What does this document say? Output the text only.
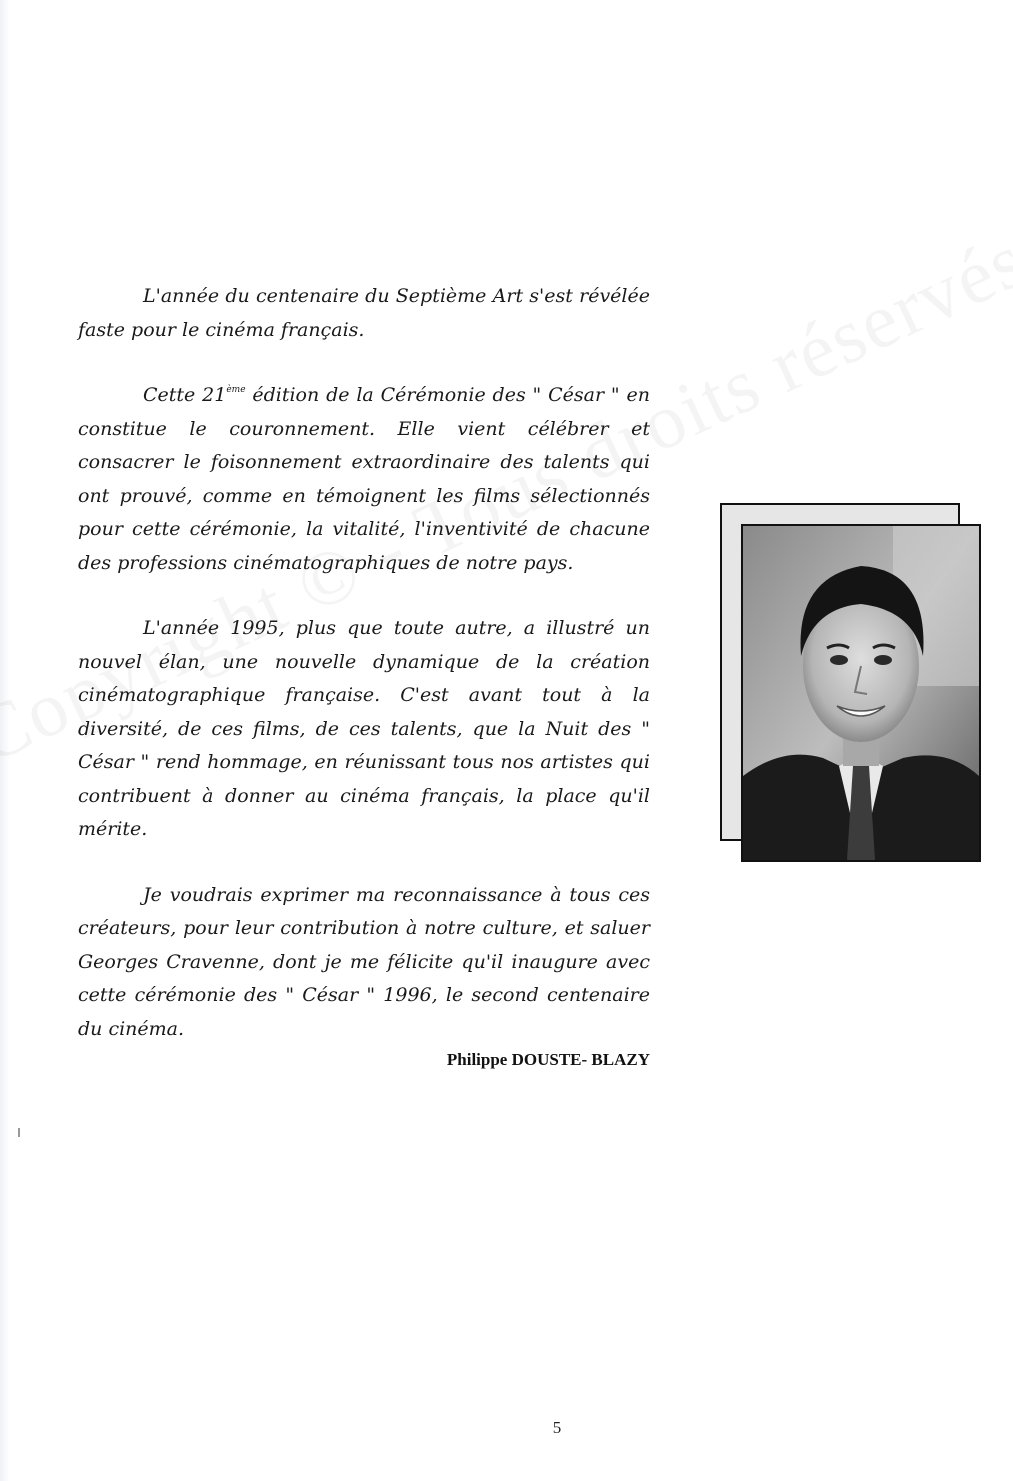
L'année du centenaire du Septième Art s'est révélée faste pour le cinéma français.

Cette 21ème édition de la Cérémonie des " César " en constitue le couronnement. Elle vient célébrer et consacrer le foisonnement extraordinaire des talents qui ont prouvé, comme en témoignent les films sélectionnés pour cette cérémonie, la vitalité, l'inventivité de chacune des professions cinématographiques de notre pays.

L'année 1995, plus que toute autre, a illustré un nouvel élan, une nouvelle dynamique de la création cinématographique française. C'est avant tout à la diversité, de ces films, de ces talents, que la Nuit des " César " rend hommage, en réunissant tous nos artistes qui contribuent à donner au cinéma français, la place qu'il mérite.

Je voudrais exprimer ma reconnaissance à tous ces créateurs, pour leur contribution à notre culture, et saluer Georges Cravenne, dont je me félicite qu'il inaugure avec cette cérémonie des " César " 1996, le second centenaire du cinéma.

Philippe DOUSTE- BLAZY
5
